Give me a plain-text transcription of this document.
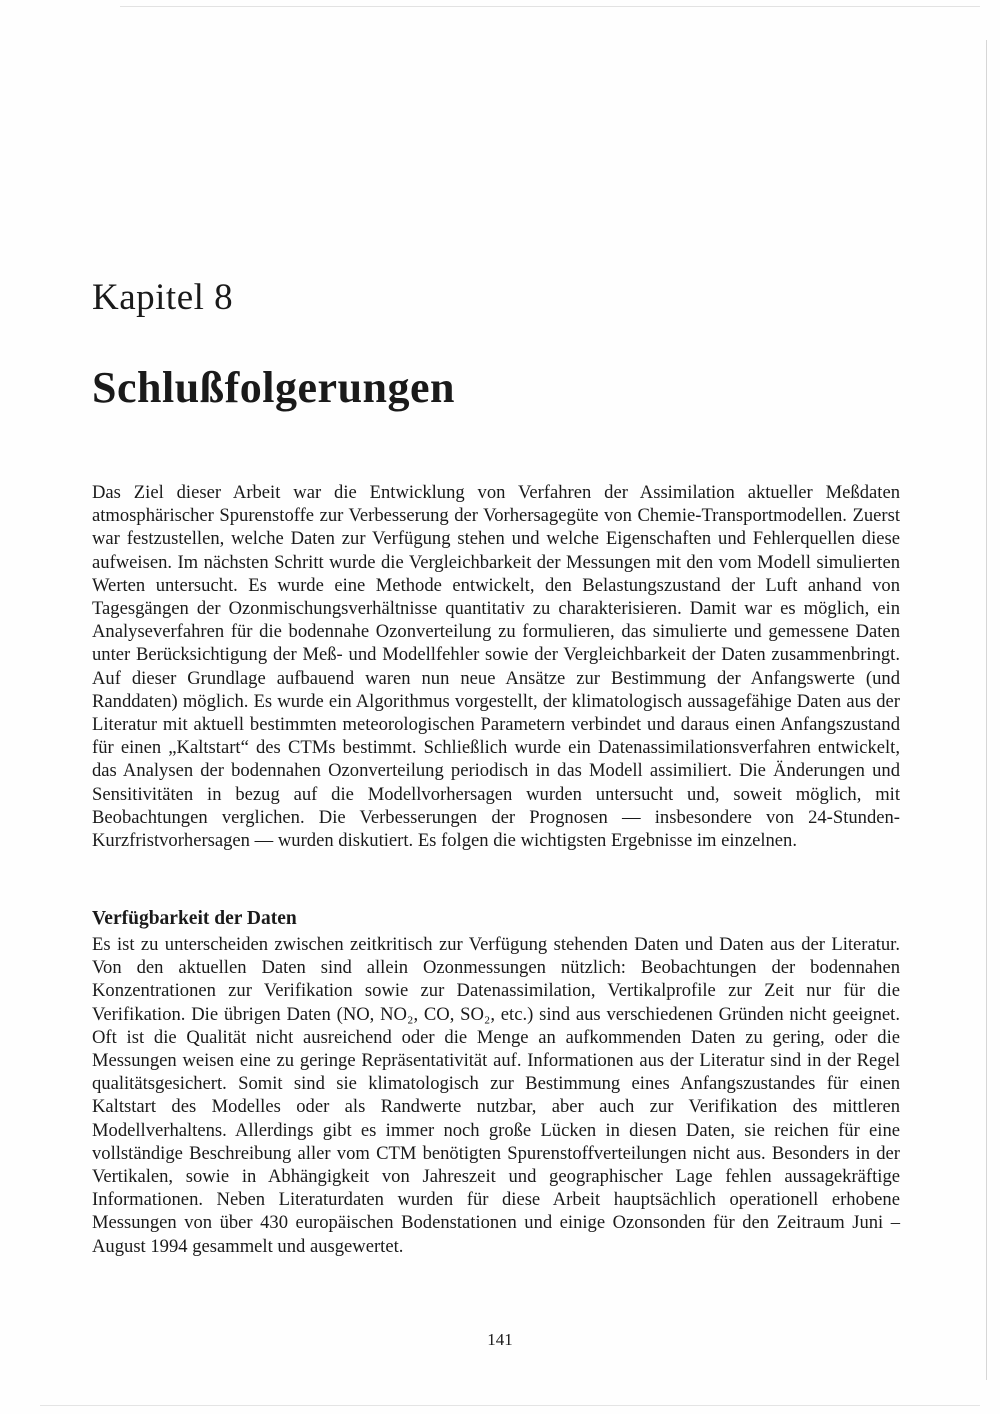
Kapitel 8
Schlußfolgerungen

Das Ziel dieser Arbeit war die Entwicklung von Verfahren der Assimilation aktueller Meßdaten atmosphärischer Spurenstoffe zur Verbesserung der Vorhersagegüte von Chemie-Transportmodellen. Zuerst war festzustellen, welche Daten zur Verfügung stehen und welche Eigenschaften und Fehlerquellen diese aufweisen. Im nächsten Schritt wurde die Vergleichbarkeit der Messungen mit den vom Modell simulierten Werten untersucht. Es wurde eine Methode entwickelt, den Belastungszustand der Luft anhand von Tagesgängen der Ozonmischungsverhältnisse quantitativ zu charakterisieren. Damit war es möglich, ein Analyseverfahren für die bodennahe Ozonverteilung zu formulieren, das simulierte und gemessene Daten unter Berücksichtigung der Meß- und Modellfehler sowie der Vergleichbarkeit der Daten zusammenbringt. Auf dieser Grundlage aufbauend waren nun neue Ansätze zur Bestimmung der Anfangswerte (und Randdaten) möglich. Es wurde ein Algorithmus vorgestellt, der klimatologisch aussagefähige Daten aus der Literatur mit aktuell bestimmten meteorologischen Parametern verbindet und daraus einen Anfangszustand für einen „Kaltstart“ des CTMs bestimmt. Schließlich wurde ein Datenassimilationsverfahren entwickelt, das Analysen der bodennahen Ozonverteilung periodisch in das Modell assimiliert. Die Änderungen und Sensitivitäten in bezug auf die Modellvorhersagen wurden untersucht und, soweit möglich, mit Beobachtungen verglichen. Die Verbesserungen der Prognosen — insbesondere von 24-Stunden-Kurzfristvorhersagen — wurden diskutiert. Es folgen die wichtigsten Ergebnisse im einzelnen.

Verfügbarkeit der Daten

Es ist zu unterscheiden zwischen zeitkritisch zur Verfügung stehenden Daten und Daten aus der Literatur. Von den aktuellen Daten sind allein Ozonmessungen nützlich: Beobachtungen der bodennahen Konzentrationen zur Verifikation sowie zur Datenassimilation, Vertikalprofile zur Zeit nur für die Verifikation. Die übrigen Daten (NO, NO₂, CO, SO₂, etc.) sind aus verschiedenen Gründen nicht geeignet. Oft ist die Qualität nicht ausreichend oder die Menge an aufkommenden Daten zu gering, oder die Messungen weisen eine zu geringe Repräsentativität auf. Informationen aus der Literatur sind in der Regel qualitätsgesichert. Somit sind sie klimatologisch zur Bestimmung eines Anfangszustandes für einen Kaltstart des Modelles oder als Randwerte nutzbar, aber auch zur Verifikation des mittleren Modellverhaltens. Allerdings gibt es immer noch große Lücken in diesen Daten, sie reichen für eine vollständige Beschreibung aller vom CTM benötigten Spurenstoffverteilungen nicht aus. Besonders in der Vertikalen, sowie in Abhängigkeit von Jahreszeit und geographischer Lage fehlen aussagekräftige Informationen. Neben Literaturdaten wurden für diese Arbeit hauptsächlich operationell erhobene Messungen von über 430 europäischen Bodenstationen und einige Ozonsonden für den Zeitraum Juni – August 1994 gesammelt und ausgewertet.

141
